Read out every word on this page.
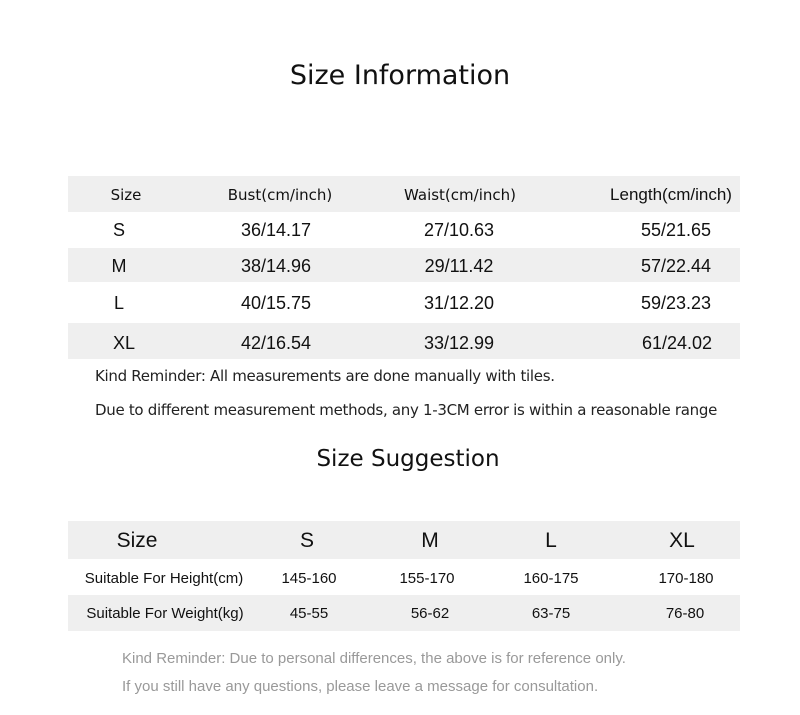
Size Information
Size	Bust(cm/inch)	Waist(cm/inch)	Length(cm/inch)
S	36/14.17	27/10.63	55/21.65
M	38/14.96	29/11.42	57/22.44
L	40/15.75	31/12.20	59/23.23
XL	42/16.54	33/12.99	61/24.02
Kind Reminder: All measurements are done manually with tiles.
Due to different measurement methods, any 1-3CM error is within a reasonable range
Size Suggestion
Size	S	M	L	XL
Suitable For Height(cm)	145-160	155-170	160-175	170-180
Suitable For Weight(kg)	45-55	56-62	63-75	76-80
Kind Reminder: Due to personal differences, the above is for reference only.
If you still have any questions, please leave a message for consultation.
